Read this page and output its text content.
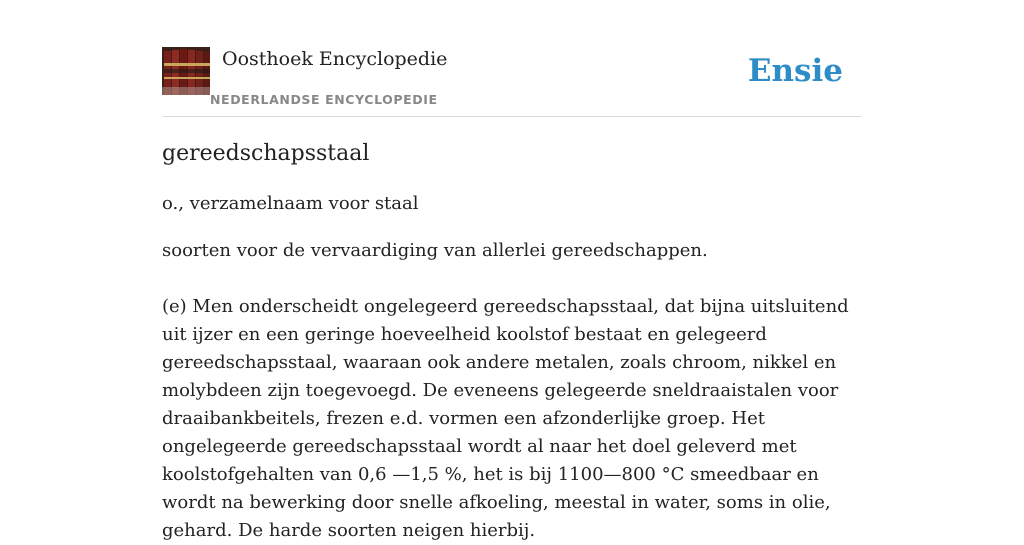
Oosthoek Encyclopedie
NEDERLANDSE ENCYCLOPEDIE
Ensie
gereedschapsstaal

o., verzamelnaam voor staal

soorten voor de vervaardiging van allerlei gereedschappen.

(e) Men onderscheidt ongelegeerd gereedschapsstaal, dat bijna uitsluitend uit ijzer en een geringe hoeveelheid koolstof bestaat en gelegeerd gereedschapsstaal, waaraan ook andere metalen, zoals chroom, nikkel en molybdeen zijn toegevoegd. De eveneens gelegeerde sneldraaistalen voor draaibankbeitels, frezen e.d. vormen een afzonderlijke groep. Het ongelegeerde gereedschapsstaal wordt al naar het doel geleverd met koolstofgehalten van 0,6 —1,5 %, het is bij 1100—800 °C smeedbaar en wordt na bewerking door snelle afkoeling, meestal in water, soms in olie, gehard. De harde soorten neigen hierbij.
